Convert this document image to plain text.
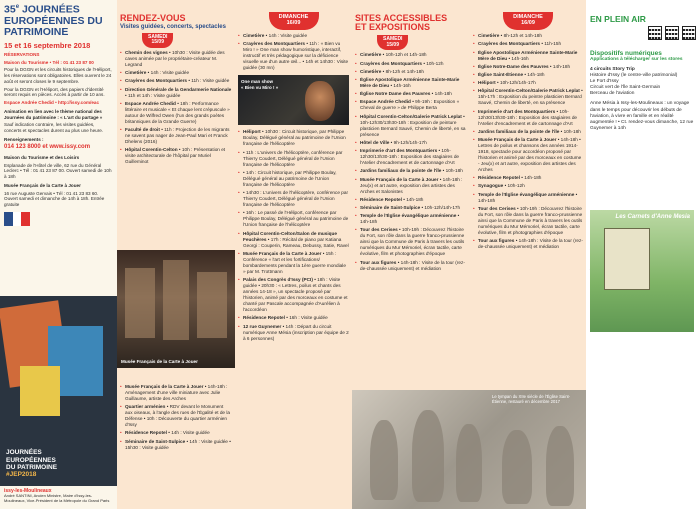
35e JOURNÉES
EUROPÉENNES DU
PATRIMOINE
15 et 16 septembre 2018

RÉSERVATIONS

Maison du Tourisme • Tél : 01 41 23 87 00

Pour la DGGN et les circuits historiques de l'Héliport, les réservations sont obligatoires. Elles ouvrent le 24 août et seront closes le 9 septembre.

Pour la DGGN et l'Héliport, des papiers d'identité seront requis en pièces. Accès à partir de 10 ans.

Espace Andrée Chedid • http://issy.com/eac

Animation en lien avec le thème national des Journées du patrimoine : « L'art du partage »

Sauf indication contraire, les visites guidées, concerts et spectacles durent au plus une heure.

Renseignements :

014 123 8000 et www.issy.com

Maison du Tourisme et des Loisirs

Esplanade de l'Hôtel de ville, 62 rue du Général Leclerc • Tél : 01 41 23 87 00. Ouvert samedi de 10h à 18h

Musée Français de la Carte à Jouer

16 rue Auguste Gervais • Tél : 01 41 23 83 60. Ouvert samedi et dimanche de 14h à 18h. Entrée gratuite

JOURNÉES
EUROPÉENNES
DU PATRIMOINE
#JEP2018
issy-les-Moulineaux
André SANTINI, Ancien Ministre, Maire d'Issy-les-Moulineaux, Vice-Président de la Métropole du Grand Paris
RENDEZ-VOUS
Visites guidées, concerts, spectacles
SAMEDI
15/09
• Chemin des vignes • 10h30 : Visite guidée des caves animée par le propriétaire-créateur M. Legrand
• Cimetière • 14h : Visite guidée
• Crayères des Montquartiers • 11h : Visite guidée
• Direction Générale de la Gendarmerie Nationale • 11h et 14h : Visite guidée
• Espace Andrée Chedid • 18h : Performance littéraire et musicale « Et chaque lent crépuscule » autour de Wilfred Owen (l'un des grands poètes britanniques de la Grande Guerre)
• Faculté de droit • 11h : Projection de les migrants ne savent pas nager de Jean-Paul Mari et Franck Dhelens (2016)
• Hôpital Corentin-Celton • 10h : Présentation et visite architecturale de l'hôpital par Muriel Guilleminot
• Musée Français de la Carte à Jouer • 14h-18h : Aménagement d'une ville miniature avec Julie Guillaume, artiste des Arches
• Quartier arménien • RDV devant le Monument aux oiseaux, à l'angle des rues de l'Égalité et de la Défense • 10h : Découverte du quartier arménien d'Issy
• Résidence Repotel • 14h : Visite guidée
• Séminaire de Saint-Sulpice • 14h : Visite guidée • 15h30 : Visite guidée
Musée Français de la Carte à Jouer
DIMANCHE
16/09
• Cimetière • 14h : Visite guidée
• Crayères des Montquartiers • 11h : « Bien vu Miro ! » One man show humoristique, interactif, instructif et très pédagogique sur la déficience visuelle vue d'un autre œil... • 14h et 14h30 : Visite guidée (30 mn)
One man show
« Bien vu Miro ! »
• Héliport • 10h30 : Circuit historique, par Philippe Boulay, Délégué général au patrimoine de l'Union française de l'hélicoptère
• • 11h : L'univers de l'hélicoptère, conférence par Thierry Coudert, Délégué général de l'Union française de l'hélicoptère
• • 14h : Circuit historique, par Philippe Boulay, Délégué général au patrimoine de l'Union française de l'hélicoptère
• • 14h30 : L'univers de l'hélicoptère, conférence par Thierry Coudert, Délégué général de l'Union française de l'hélicoptère
• • 16h : Le passé de l'Héliport, conférence par Philippe Boulay, Délégué général au patrimoine de l'Union française de l'hélicoptère
• Hôpital Corentin-Celton/Salon de musique Feuchères • 17h : Récital de piano par Katiana Georgi : Couperin, Rameau, Debussy, Satie, Ravel
• Musée Français de la Carte à Jouer • 15h : Conférence « l'art et les fortifications/ bombardements pendant la 1ère guerre mondiale » par M. Trottmann
• Palais des Congrès d'Issy (PCI) • 18h : Visite guidée • 20h30 : « Lettres, poilus et chants des années 14-18 », un spectacle proposé par l'historien, animé par des morceaux en costume et chanté par Pascale accompagnée d'Aurélien à l'accordéon
• Résidence Repotel • 16h : Visite guidée
• 12 rue Guynemer • 14h : Départ du circuit numérique Anne Mésia (inscription par équipe de 2 à 6 personnes)
SITES ACCESSIBLES
ET EXPOSITIONS
SAMEDI
15/09
• Cimetière • 10h-12h et 14h-18h
• Crayères des Montquartiers • 10h-12h
• Cimetière • 8h-12h et 14h-18h
• Église Apostolique Arménienne Sainte-Marie Mère de Dieu • 14h-16h
• Église Notre Dame des Pauvres • 14h-18h
• Espace Andrée Chedid • 9h-19h : Exposition « Cheval de guerre » de Philippe Berta
• Hôpital Corentin-Celton/Galerie Patrick Leplat • 10h-12h30/13h30-18h : Exposition de peinture plasticien Bernard Sauvé, Chemin de liberté, en sa présence
• Hôtel de Ville • 9h-12h/14h-17h
• Imprimerie d'art des Montquartiers • 10h-12h30/13h30-18h : Exposition des stagiaires de l'Atelier d'encadrement et de cartonnage d'Art
• Jardins familiaux de la pointe de l'île • 10h-18h
• Musée Français de la Carte à Jouer • 14h-18h : Jeu(x) et art autre, exposition des artistes des Arches et Salonistes
• Résidence Repotel • 14h-18h
• Séminaire de Saint-Sulpice • 10h-12h/14h-17h
• Temple de l'Église évangélique arménienne • 14h-18h
• Tour des Cerises • 10h-19h : Découvrez l'histoire du Fort, son rôle dans la guerre franco-prussienne ainsi que la Commune de Paris à travers les outils numériques du Mur Mémoriel, écran tactile, carte évolutive, film et photographies d'époque
• Tour aux figures • 14h-18h : Visite de la tour (rez-de-chaussée uniquement) et médiation
DIMANCHE
16/09
• Cimetière • 8h-12h et 14h-18h
• Crayères des Montquartiers • 11h-15h
• Église Apostolique Arménienne Sainte-Marie Mère de Dieu • 14h-16h
• Église Notre-Dame des Pauvres • 14h-18h
• Église Saint-Étienne • 14h-18h
• Héliport • 10h-12h/14h-17h
• Hôpital Corentin-Celton/Galerie Patrick Leplat • 15h-17h : Exposition du peintre plasticien Bernard Sauvé, Chemin de liberté, en sa présence
• Imprimerie d'art des Montquartiers • 10h-12h30/13h30-18h : Exposition des stagiaires de l'Atelier d'encadrement et de cartonnage d'Art
• Jardins familiaux de la pointe de l'île • 10h-18h
• Musée Français de la Carte à Jouer • 14h-18h • Lettres de poilus et chansons des années 1914-1918, spectacle pour accordéon proposé par l'historien et animé par des morceaux en costume - Jeu(x) et art autre, exposition des artistes des Arches
• Résidence Repotel • 14h-18h
• Synagogue • 10h-12h
• Temple de l'Église évangélique arménienne • 14h-18h
• Tour des Cerises • 10h-19h : Découvrez l'histoire du Fort, son rôle dans la guerre franco-prussienne ainsi que la Commune de Paris à travers les outils numériques du Mur Mémoriel, écran tactile, carte évolutive, film et photographies d'époque
• Tour aux figures • 14h-18h : Visite de la tour (rez-de-chaussée uniquement) et médiation
Le tympan du XIIe siècle de l'Église Saint-Étienne, restauré en décembre 2017
EN PLEIN AIR
Dispositifs numériques
Applications à télécharger sur les stores
4 circuits Story Trip
Histoire d'Issy (le centre-ville patrimonial)
Le Fort d'Issy
Circuit vert de l'Île Saint-Germain
Berceau de l'aviation
Anne Mésia à Issy-les-Moulineaux : un voyage dans le temps pour découvrir les débuts de l'aviation, à vivre en famille et en réalité augmentée ! • Ct. rendez-vous dimanche, 12 rue Guynemer à 14h
•
•
Les Carnets d'Anne Mesia
